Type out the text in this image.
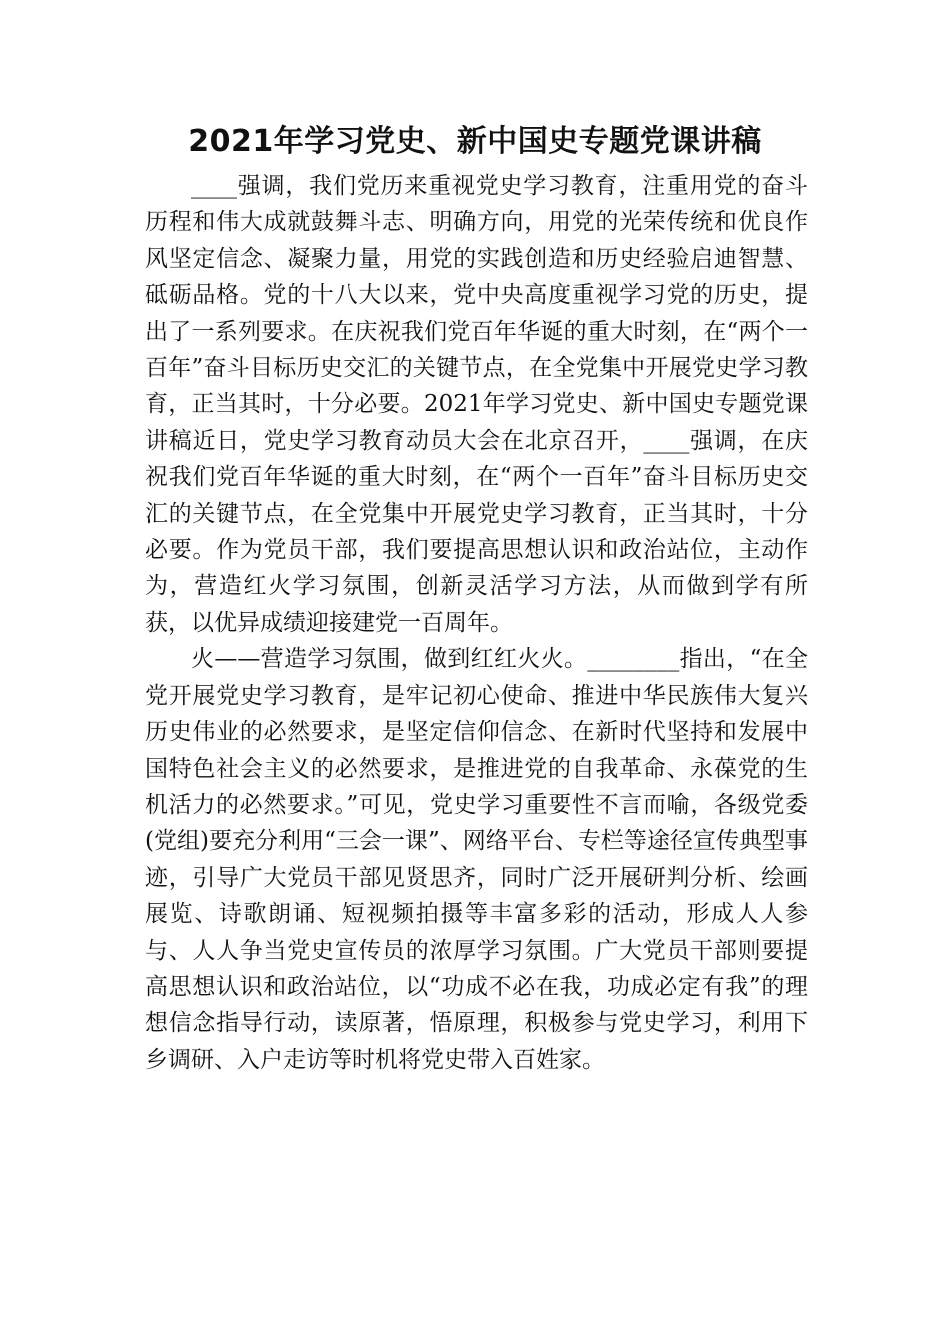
2021年学习党史、新中国史专题党课讲稿

____强调，我们党历来重视党史学习教育，注重用党的奋斗历程和伟大成就鼓舞斗志、明确方向，用党的光荣传统和优良作风坚定信念、凝聚力量，用党的实践创造和历史经验启迪智慧、砥砺品格。党的十八大以来，党中央高度重视学习党的历史，提出了一系列要求。在庆祝我们党百年华诞的重大时刻，在“两个一百年”奋斗目标历史交汇的关键节点，在全党集中开展党史学习教育，正当其时，十分必要。2021年学习党史、新中国史专题党课讲稿近日，党史学习教育动员大会在北京召开，____强调，在庆祝我们党百年华诞的重大时刻，在“两个一百年”奋斗目标历史交汇的关键节点，在全党集中开展党史学习教育，正当其时，十分必要。作为党员干部，我们要提高思想认识和政治站位，主动作为，营造红火学习氛围，创新灵活学习方法，从而做到学有所获，以优异成绩迎接建党一百周年。

火——营造学习氛围，做到红红火火。________指出，“在全党开展党史学习教育，是牢记初心使命、推进中华民族伟大复兴历史伟业的必然要求，是坚定信仰信念、在新时代坚持和发展中国特色社会主义的必然要求，是推进党的自我革命、永葆党的生机活力的必然要求。”可见，党史学习重要性不言而喻，各级党委(党组)要充分利用“三会一课”、网络平台、专栏等途径宣传典型事迹，引导广大党员干部见贤思齐，同时广泛开展研判分析、绘画展览、诗歌朗诵、短视频拍摄等丰富多彩的活动，形成人人参与、人人争当党史宣传员的浓厚学习氛围。广大党员干部则要提高思想认识和政治站位，以“功成不必在我，功成必定有我”的理想信念指导行动，读原著，悟原理，积极参与党史学习，利用下乡调研、入户走访等时机将党史带入百姓家。
